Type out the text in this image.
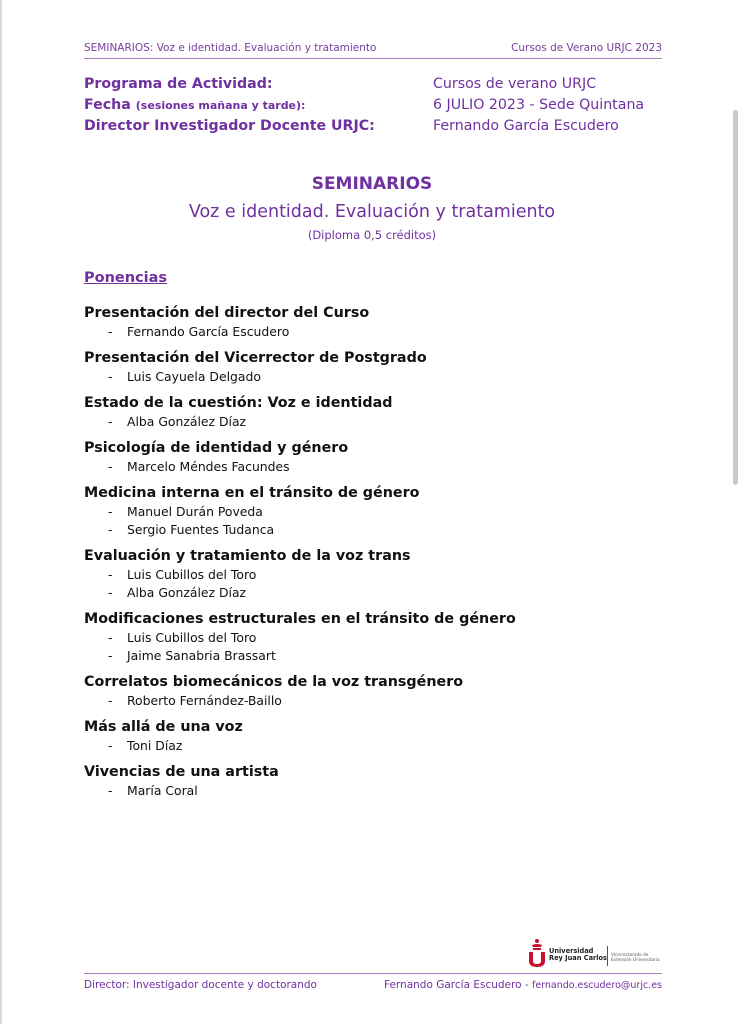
SEMINARIOS: Voz e identidad. Evaluación y tratamiento	Cursos de Verano URJC 2023
Programa de Actividad:	Cursos de verano URJC
Fecha (sesiones mañana y tarde):	6 JULIO 2023 - Sede Quintana
Director Investigador Docente URJC:	Fernando García Escudero
SEMINARIOS
Voz e identidad. Evaluación y tratamiento
(Diploma 0,5 créditos)
Ponencias
Presentación del director del Curso
- Fernando García Escudero
Presentación del Vicerrector de Postgrado
- Luis Cayuela Delgado
Estado de la cuestión: Voz e identidad
- Alba González Díaz
Psicología de identidad y género
- Marcelo Méndes Facundes
Medicina interna en el tránsito de género
- Manuel Durán Poveda
- Sergio Fuentes Tudanca
Evaluación y tratamiento de la voz trans
- Luis Cubillos del Toro
- Alba González Díaz
Modificaciones estructurales en el tránsito de género
- Luis Cubillos del Toro
- Jaime Sanabria Brassart
Correlatos biomecánicos de la voz transgénero
- Roberto Fernández-Baillo
Más allá de una voz
- Toni Díaz
Vivencias de una artista
- María Coral
Universidad
Rey Juan Carlos Vicerrectorado de
Extensión Universitaria
Director: Investigador docente y doctorando	Fernando García Escudero - fernando.escudero@urjc.es
